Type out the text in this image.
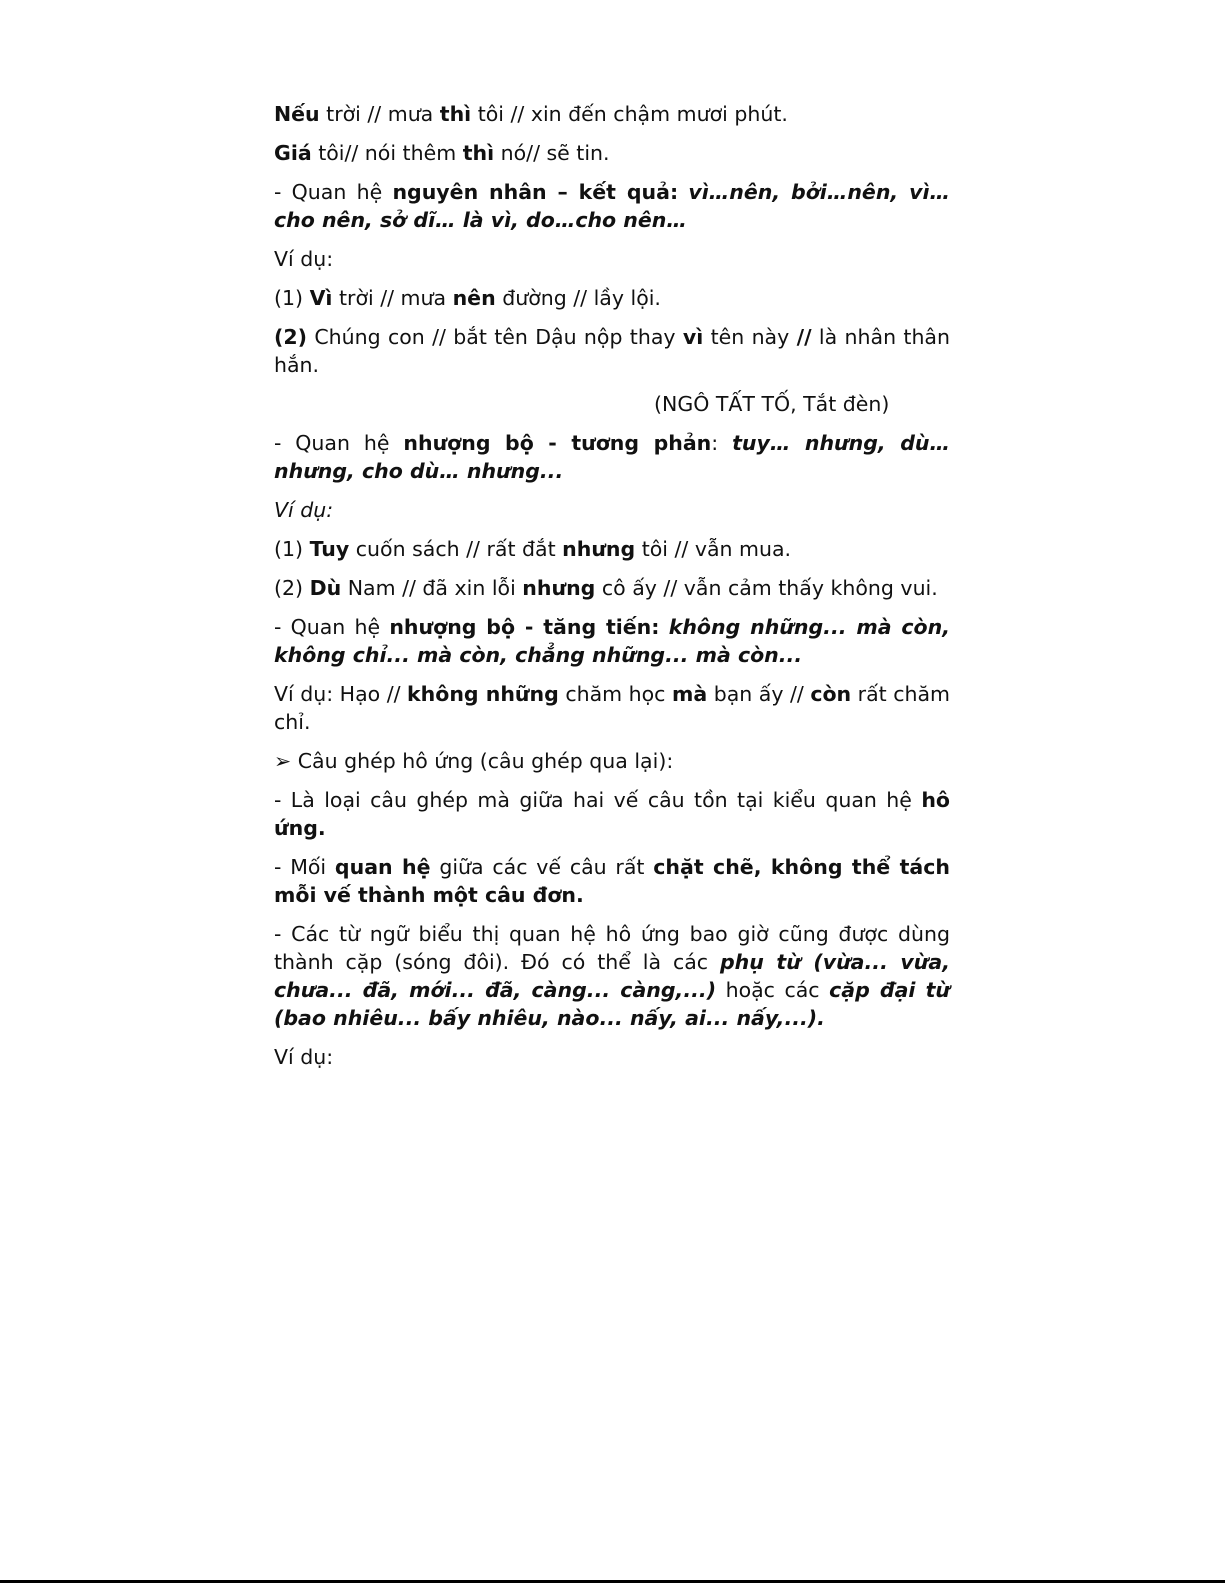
Nếu trời // mưa thì tôi // xin đến chậm mươi phút.

Giá tôi// nói thêm thì nó// sẽ tin.

- Quan hệ nguyên nhân – kết quả: vì…nên, bởi…nên, vì… cho nên, sở dĩ… là vì, do…cho nên…

Ví dụ:

(1) Vì trời // mưa nên đường // lầy lội.

(2) Chúng con // bắt tên Dậu nộp thay vì tên này // là nhân thân hắn.

(NGÔ TẤT TỐ, Tắt đèn)

- Quan hệ nhượng bộ - tương phản: tuy… nhưng, dù… nhưng, cho dù… nhưng...

Ví dụ:

(1) Tuy cuốn sách // rất đắt nhưng tôi // vẫn mua.

(2) Dù Nam // đã xin lỗi nhưng cô ấy // vẫn cảm thấy không vui.

- Quan hệ nhượng bộ - tăng tiến: không những... mà còn, không chỉ... mà còn, chẳng những... mà còn...

Ví dụ: Hạo // không những chăm học mà bạn ấy // còn rất chăm chỉ.

➢ Câu ghép hô ứng (câu ghép qua lại):

- Là loại câu ghép mà giữa hai vế câu tồn tại kiểu quan hệ hô ứng.

- Mối quan hệ giữa các vế câu rất chặt chẽ, không thể tách mỗi vế thành một câu đơn.

- Các từ ngữ biểu thị quan hệ hô ứng bao giờ cũng được dùng thành cặp (sóng đôi). Đó có thể là các phụ từ (vừa... vừa, chưa... đã, mới... đã, càng... càng,...) hoặc các cặp đại từ (bao nhiêu... bấy nhiêu, nào... nấy, ai... nấy,...).

Ví dụ:
